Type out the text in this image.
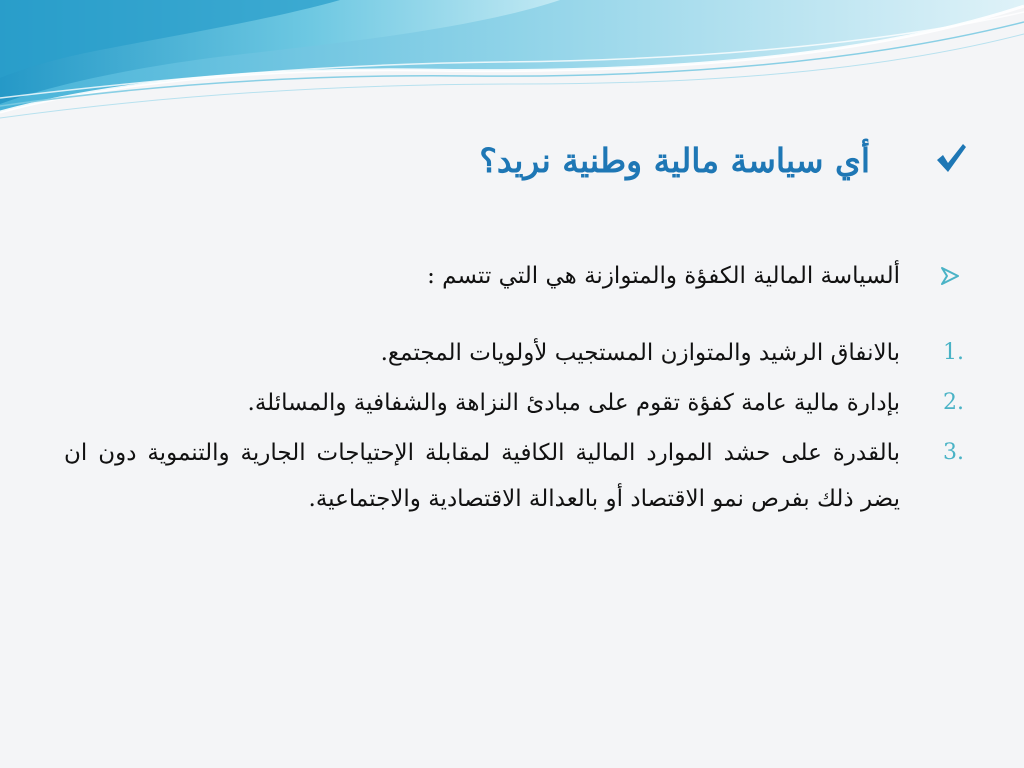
أي سياسة مالية وطنية نريد؟
ألسياسة المالية الكفؤة والمتوازنة هي التي تتسم :
1.
بالانفاق الرشيد والمتوازن المستجيب لأولويات المجتمع.
2.
بإدارة مالية عامة كفؤة تقوم على مبادئ النزاهة والشفافية والمسائلة.
3.
بالقدرة على حشد الموارد المالية الكافية لمقابلة الإحتياجات الجارية والتنموية دون ان يضر ذلك بفرص نمو الاقتصاد أو بالعدالة الاقتصادية والاجتماعية.
